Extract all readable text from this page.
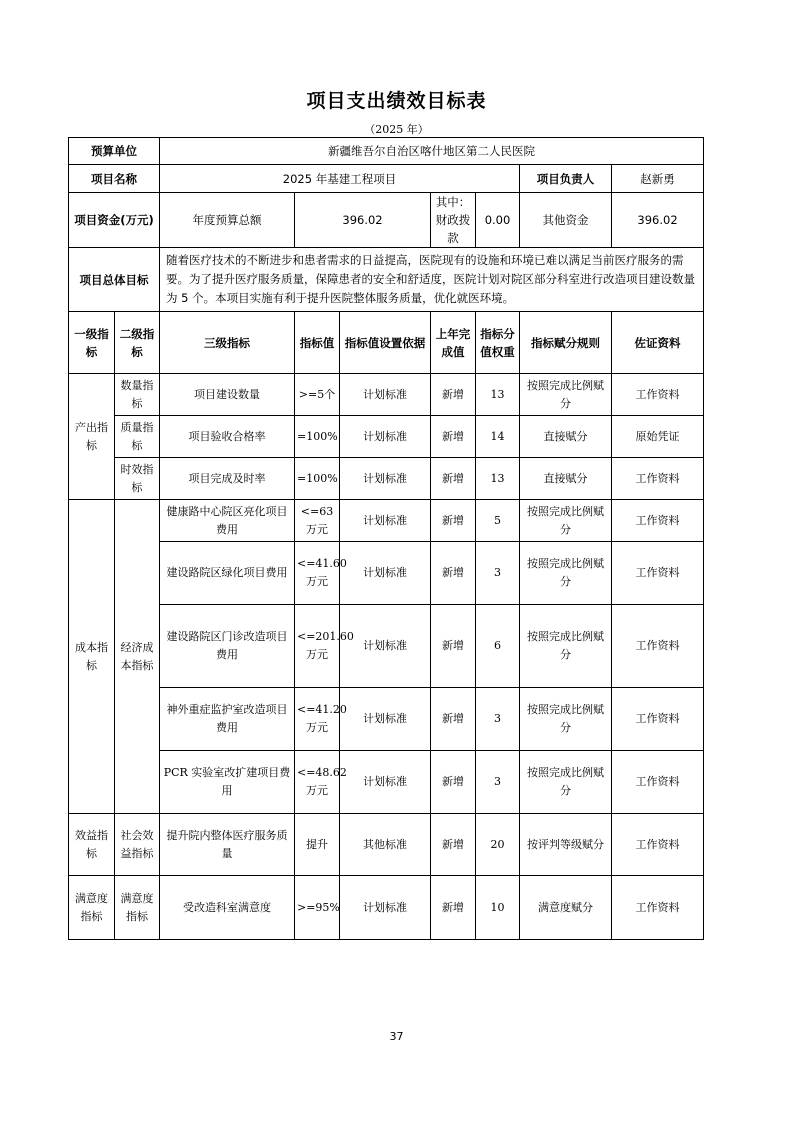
项目支出绩效目标表
（2025 年）
预算单位		新疆维吾尔自治区喀什地区第二人民医院						
项目名称		2025 年基建工程项目					项目负责人	赵新勇
项目资金(万元)		年度预算总额	396.02		其中：财政拨款	0.00	其他资金	396.02
项目总体目标		随着医疗技术的不断进步和患者需求的日益提高，医院现有的设施和环境已难以满足当前医疗服务的需要。为了提升医疗服务质量，保障患者的安全和舒适度，医院计划对院区部分科室进行改造项目建设数量为 5 个。本项目实施有利于提升医院整体服务质量，优化就医环境。						
一级指标	二级指标	三级指标	指标值	指标值设置依据	上年完成值	指标分值权重	指标赋分规则	佐证资料
产出指标	数量指标	项目建设数量	>=5个	计划标准	新增	13	按照完成比例赋分	工作资料
	质量指标	项目验收合格率	=100%	计划标准	新增	14	直接赋分	原始凭证
	时效指标	项目完成及时率	=100%	计划标准	新增	13	直接赋分	工作资料
成本指标	经济成本指标	健康路中心院区亮化项目费用	<=63万元	计划标准	新增	5	按照完成比例赋分	工作资料
		建设路院区绿化项目费用	<=41.60万元	计划标准	新增	3	按照完成比例赋分	工作资料
		建设路院区门诊改造项目费用	<=201.60万元	计划标准	新增	6	按照完成比例赋分	工作资料
		神外重症监护室改造项目费用	<=41.20万元	计划标准	新增	3	按照完成比例赋分	工作资料
		PCR 实验室改扩建项目费用	<=48.62万元	计划标准	新增	3	按照完成比例赋分	工作资料
效益指标	社会效益指标	提升院内整体医疗服务质量	提升	其他标准	新增	20	按评判等级赋分	工作资料
满意度指标	满意度指标	受改造科室满意度	>=95%	计划标准	新增	10	满意度赋分	工作资料
37
